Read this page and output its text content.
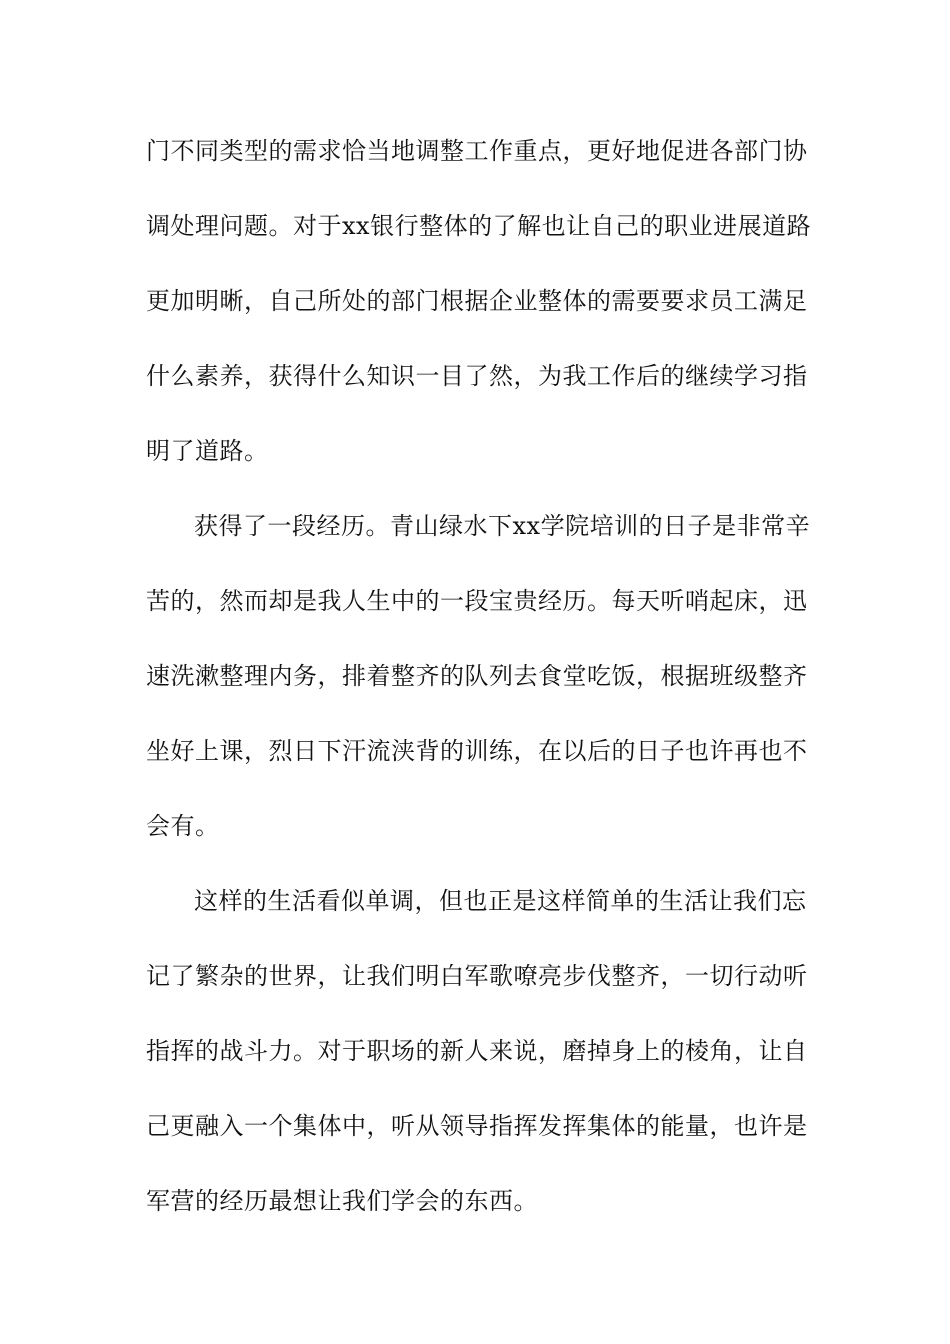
门不同类型的需求恰当地调整工作重点，更好地促进各部门协
调处理问题。对于xx银行整体的了解也让自己的职业进展道路
更加明晰，自己所处的部门根据企业整体的需要要求员工满足
什么素养，获得什么知识一目了然，为我工作后的继续学习指
明了道路。
获得了一段经历。青山绿水下xx学院培训的日子是非常辛
苦的，然而却是我人生中的一段宝贵经历。每天听哨起床，迅
速洗漱整理内务，排着整齐的队列去食堂吃饭，根据班级整齐
坐好上课，烈日下汗流浃背的训练，在以后的日子也许再也不
会有。
这样的生活看似单调，但也正是这样简单的生活让我们忘
记了繁杂的世界，让我们明白军歌嘹亮步伐整齐，一切行动听
指挥的战斗力。对于职场的新人来说，磨掉身上的棱角，让自
己更融入一个集体中，听从领导指挥发挥集体的能量，也许是
军营的经历最想让我们学会的东西。
